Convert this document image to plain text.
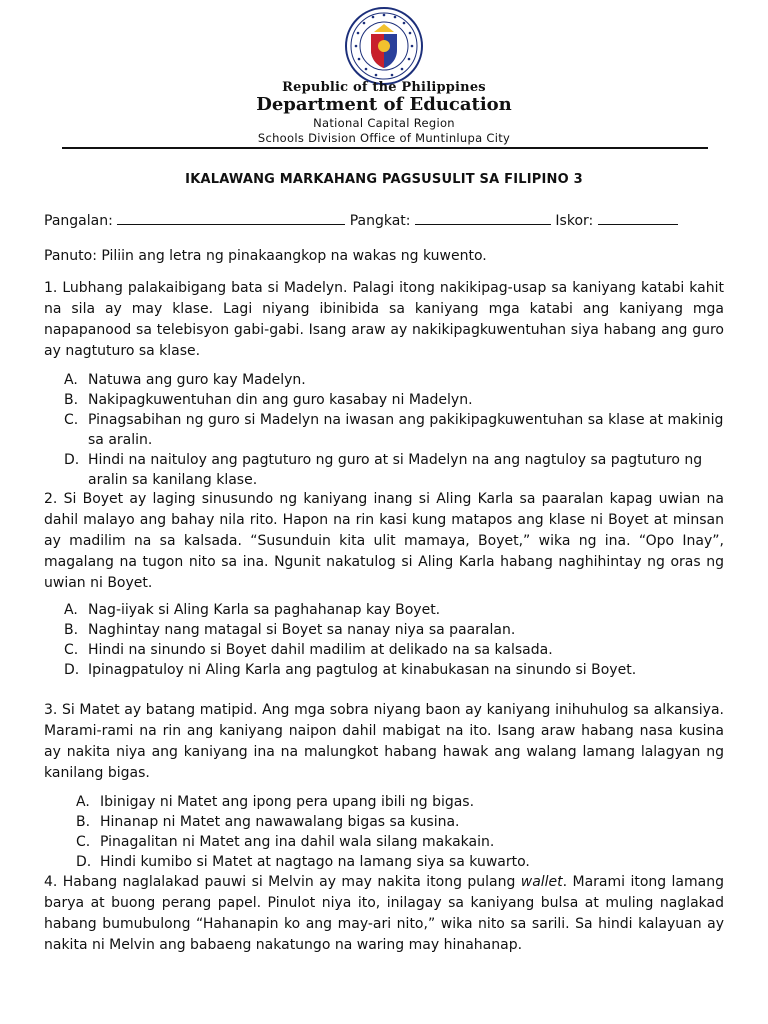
Republic of the Philippines
Department of Education
National Capital Region
Schools Division Office of Muntinlupa City
IKALAWANG MARKAHANG PAGSUSULIT SA FILIPINO 3
Pangalan:	Pangkat:	Iskor:
Panuto: Piliin ang letra ng pinakaangkop na wakas ng kuwento.
1. Lubhang palakaibigang bata si Madelyn. Palagi itong nakikipag-usap sa kaniyang katabi kahit na sila ay may klase. Lagi niyang ibinibida sa kaniyang mga katabi ang kaniyang mga napapanood sa telebisyon gabi-gabi. Isang araw ay nakikipagkuwentuhan siya habang ang guro ay nagtuturo sa klase.
A. Natuwa ang guro kay Madelyn.
B. Nakipagkuwentuhan din ang guro kasabay ni Madelyn.
C. Pinagsabihan ng guro si Madelyn na iwasan ang pakikipagkuwentuhan sa klase at makinig sa aralin.
D. Hindi na naituloy ang pagtuturo ng guro at si Madelyn na ang nagtuloy sa pagtuturo ng aralin sa kanilang klase.
2. Si Boyet ay laging sinusundo ng kaniyang inang si Aling Karla sa paaralan kapag uwian na dahil malayo ang bahay nila rito. Hapon na rin kasi kung matapos ang klase ni Boyet at minsan ay madilim na sa kalsada. “Susunduin kita ulit mamaya, Boyet,” wika ng ina. “Opo Inay”, magalang na tugon nito sa ina. Ngunit nakatulog si Aling Karla habang naghihintay ng oras ng uwian ni Boyet.
A. Nag-iiyak si Aling Karla sa paghahanap kay Boyet.
B. Naghintay nang matagal si Boyet sa nanay niya sa paaralan.
C. Hindi na sinundo si Boyet dahil madilim at delikado na sa kalsada.
D. Ipinagpatuloy ni Aling Karla ang pagtulog at kinabukasan na sinundo si Boyet.
3. Si Matet ay batang matipid. Ang mga sobra niyang baon ay kaniyang inihuhulog sa alkansiya. Marami-rami na rin ang kaniyang naipon dahil mabigat na ito. Isang araw habang nasa kusina ay nakita niya ang kaniyang ina na malungkot habang hawak ang walang lamang lalagyan ng kanilang bigas.
A. Ibinigay ni Matet ang ipong pera upang ibili ng bigas.
B. Hinanap ni Matet ang nawawalang bigas sa kusina.
C. Pinagalitan ni Matet ang ina dahil wala silang makakain.
D. Hindi kumibo si Matet at nagtago na lamang siya sa kuwarto.
4. Habang naglalakad pauwi si Melvin ay may nakita itong pulang wallet. Marami itong lamang barya at buong perang papel. Pinulot niya ito, inilagay sa kaniyang bulsa at muling naglakad habang bumubulong “Hahanapin ko ang may-ari nito,” wika nito sa sarili. Sa hindi kalayuan ay nakita ni Melvin ang babaeng nakatungo na waring may hinahanap.
